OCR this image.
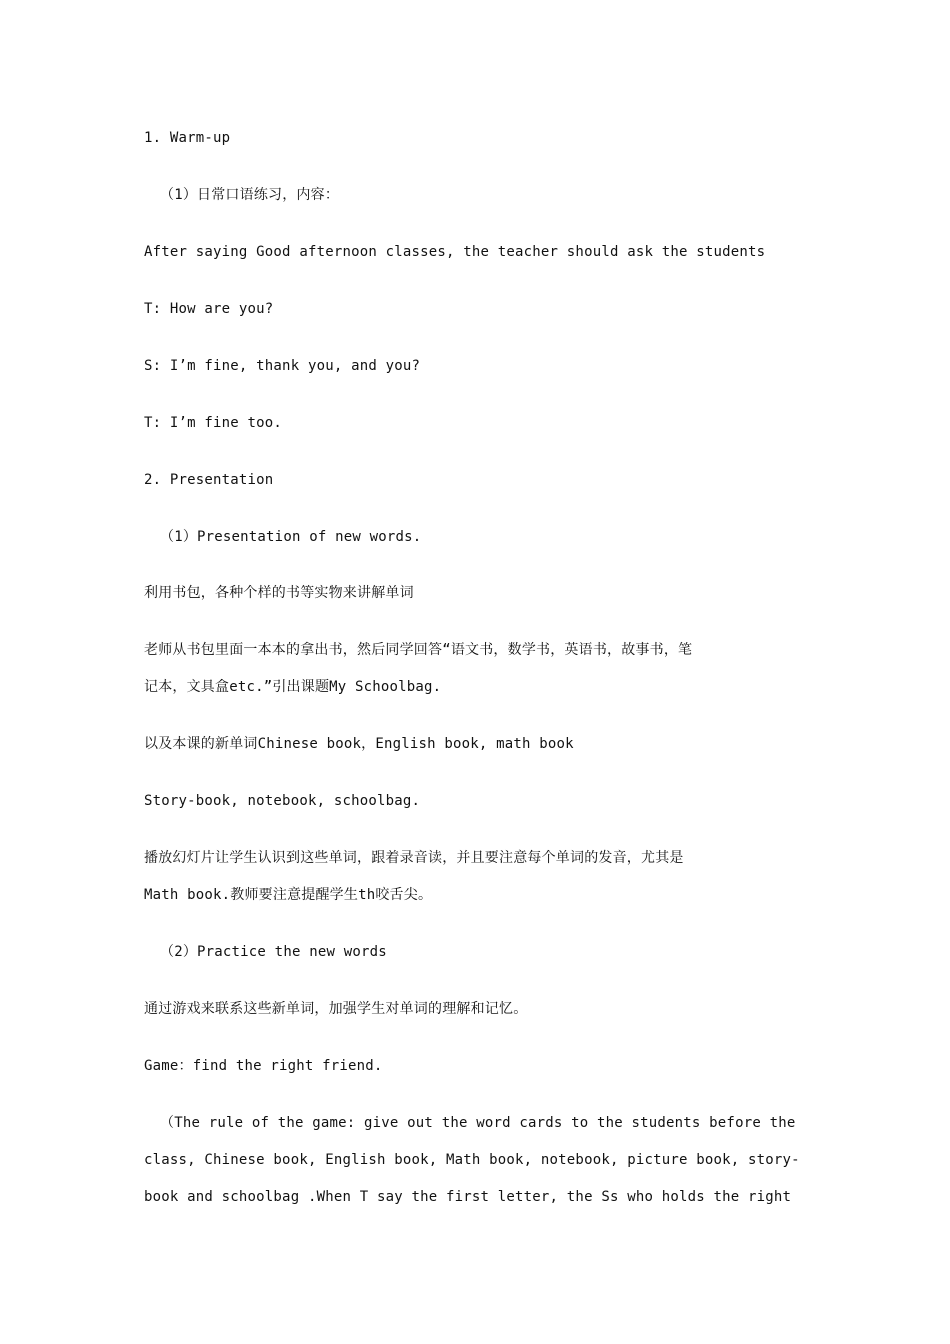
1. Warm-up
（1）日常口语练习，内容：
After saying Good afternoon classes, the teacher should ask the students
T: How are you?
S: I’m fine, thank you, and you?
T: I’m fine too.
2. Presentation
（1）Presentation of new words.
利用书包，各种个样的书等实物来讲解单词
老师从书包里面一本本的拿出书，然后同学回答“语文书，数学书，英语书，故事书，笔
记本，文具盒etc.”引出课题My Schoolbag.
以及本课的新单词Chinese book，English book, math book
Story-book, notebook, schoolbag.
播放幻灯片让学生认识到这些单词，跟着录音读，并且要注意每个单词的发音，尤其是
Math book.教师要注意提醒学生th咬舌尖。
（2）Practice the new words
通过游戏来联系这些新单词，加强学生对单词的理解和记忆。
Game：find the right friend.
（The rule of the game: give out the word cards to the students before the
class, Chinese book, English book, Math book, notebook, picture book, story-
book and schoolbag .When T say the first letter, the Ss who holds the right
